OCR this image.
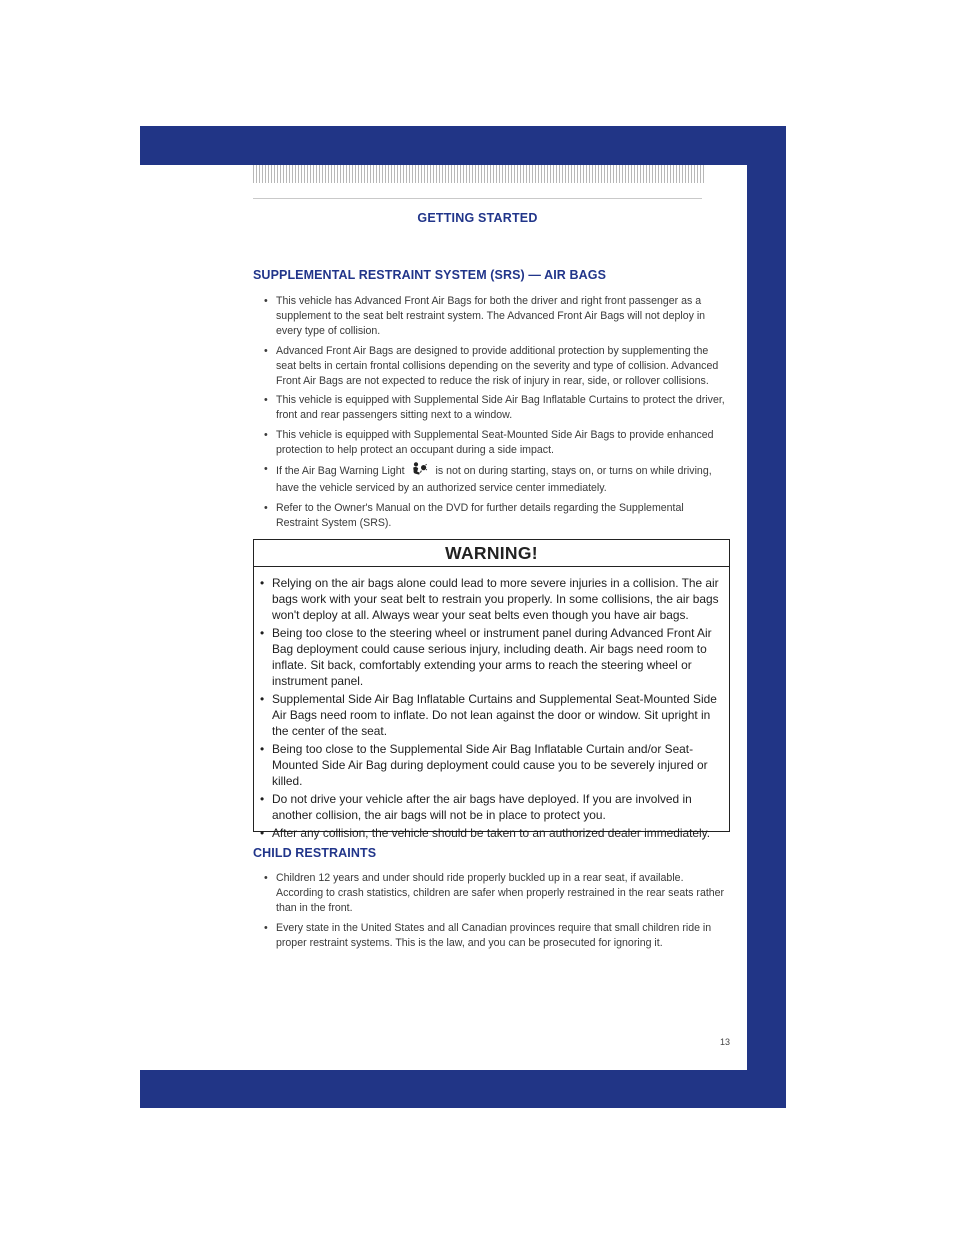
GETTING STARTED
SUPPLEMENTAL RESTRAINT SYSTEM (SRS) — AIR BAGS
• This vehicle has Advanced Front Air Bags for both the driver and right front passenger as a supplement to the seat belt restraint system. The Advanced Front Air Bags will not deploy in every type of collision.
• Advanced Front Air Bags are designed to provide additional protection by supplementing the seat belts in certain frontal collisions depending on the severity and type of collision. Advanced Front Air Bags are not expected to reduce the risk of injury in rear, side, or rollover collisions.
• This vehicle is equipped with Supplemental Side Air Bag Inflatable Curtains to protect the driver, front and rear passengers sitting next to a window.
• This vehicle is equipped with Supplemental Seat-Mounted Side Air Bags to provide enhanced protection to help protect an occupant during a side impact.
• If the Air Bag Warning Light	is not on during starting, stays on, or turns on while driving, have the vehicle serviced by an authorized service center immediately.
• Refer to the Owner's Manual on the DVD for further details regarding the Supplemental Restraint System (SRS).
WARNING!
• Relying on the air bags alone could lead to more severe injuries in a collision. The air bags work with your seat belt to restrain you properly. In some collisions, the air bags won't deploy at all. Always wear your seat belts even though you have air bags.
• Being too close to the steering wheel or instrument panel during Advanced Front Air Bag deployment could cause serious injury, including death. Air bags need room to inflate. Sit back, comfortably extending your arms to reach the steering wheel or instrument panel.
• Supplemental Side Air Bag Inflatable Curtains and Supplemental Seat-Mounted Side Air Bags need room to inflate. Do not lean against the door or window. Sit upright in the center of the seat.
• Being too close to the Supplemental Side Air Bag Inflatable Curtain and/or Seat-Mounted Side Air Bag during deployment could cause you to be severely injured or killed.
• Do not drive your vehicle after the air bags have deployed. If you are involved in another collision, the air bags will not be in place to protect you.
• After any collision, the vehicle should be taken to an authorized dealer immediately.
CHILD RESTRAINTS
• Children 12 years and under should ride properly buckled up in a rear seat, if available. According to crash statistics, children are safer when properly restrained in the rear seats rather than in the front.
• Every state in the United States and all Canadian provinces require that small children ride in proper restraint systems. This is the law, and you can be prosecuted for ignoring it.
13
